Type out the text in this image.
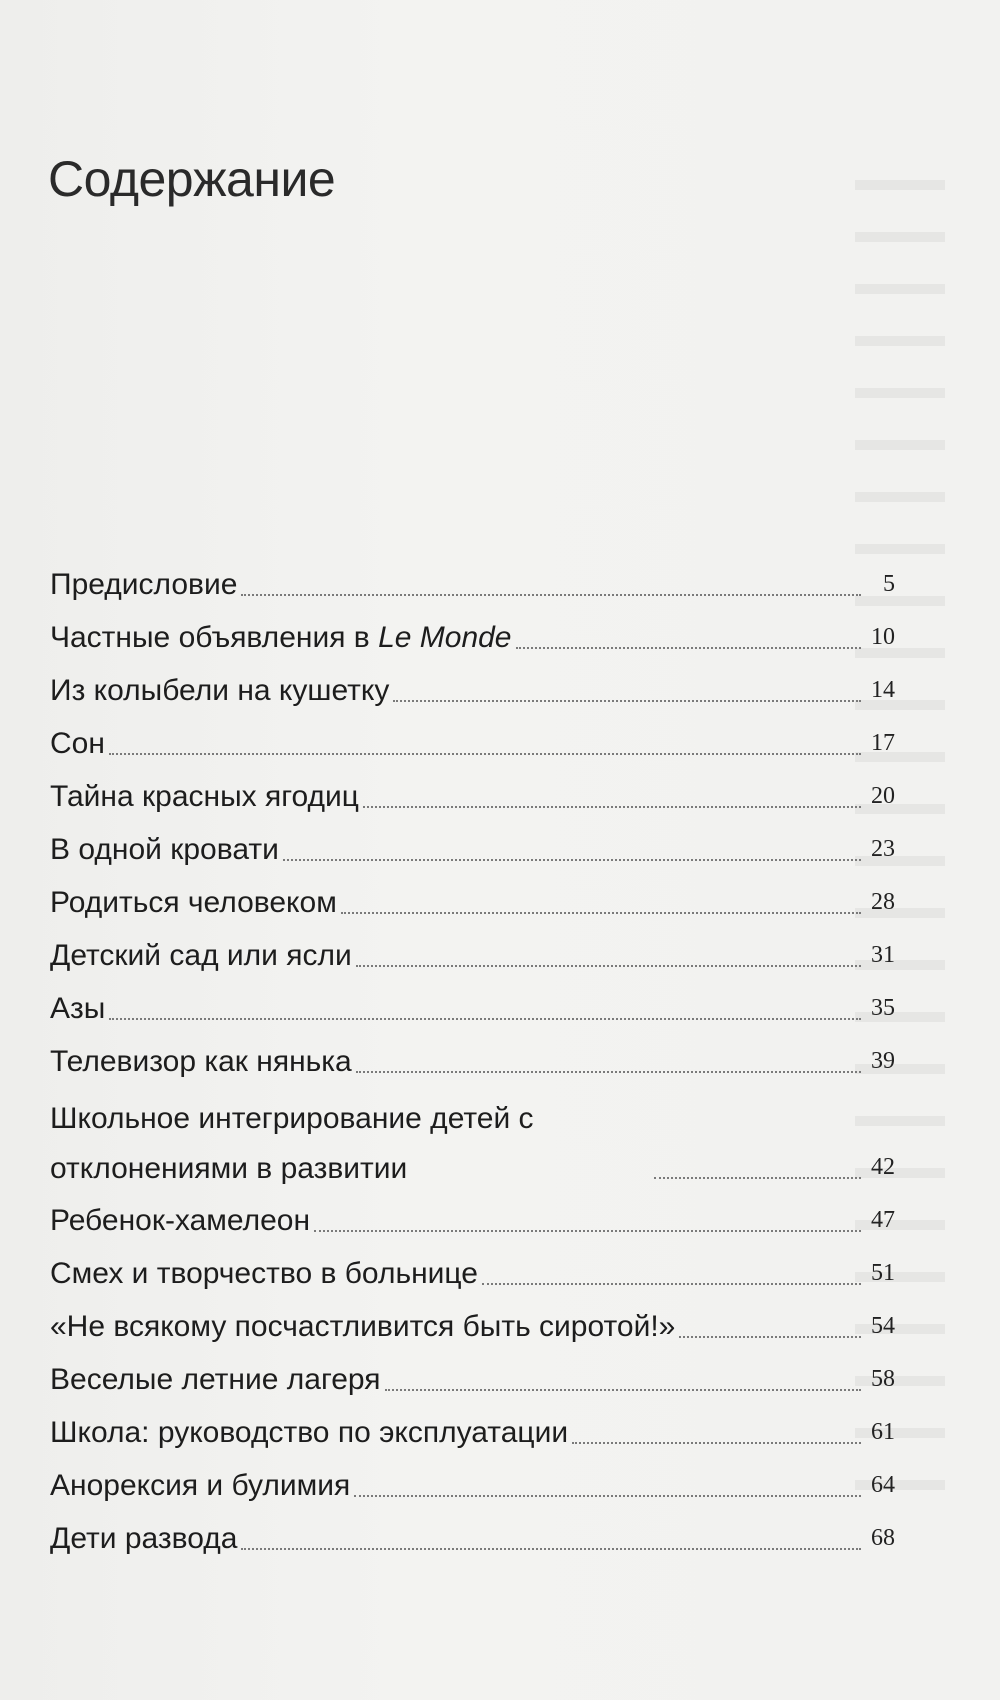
Содержание
Предисловие	5
Частные объявления в Le Monde	10
Из колыбели на кушетку	14
Сон	17
Тайна красных ягодиц	20
В одной кровати	23
Родиться человеком	28
Детский сад или ясли	31
Азы	35
Телевизор как нянька	39
Школьное интегрирование детей с отклонениями в развитии	42
Ребенок-хамелеон	47
Смех и творчество в больнице	51
«Не всякому посчастливится быть сиротой!»	54
Веселые летние лагеря	58
Школа: руководство по эксплуатации	61
Анорексия и булимия	64
Дети развода	68
